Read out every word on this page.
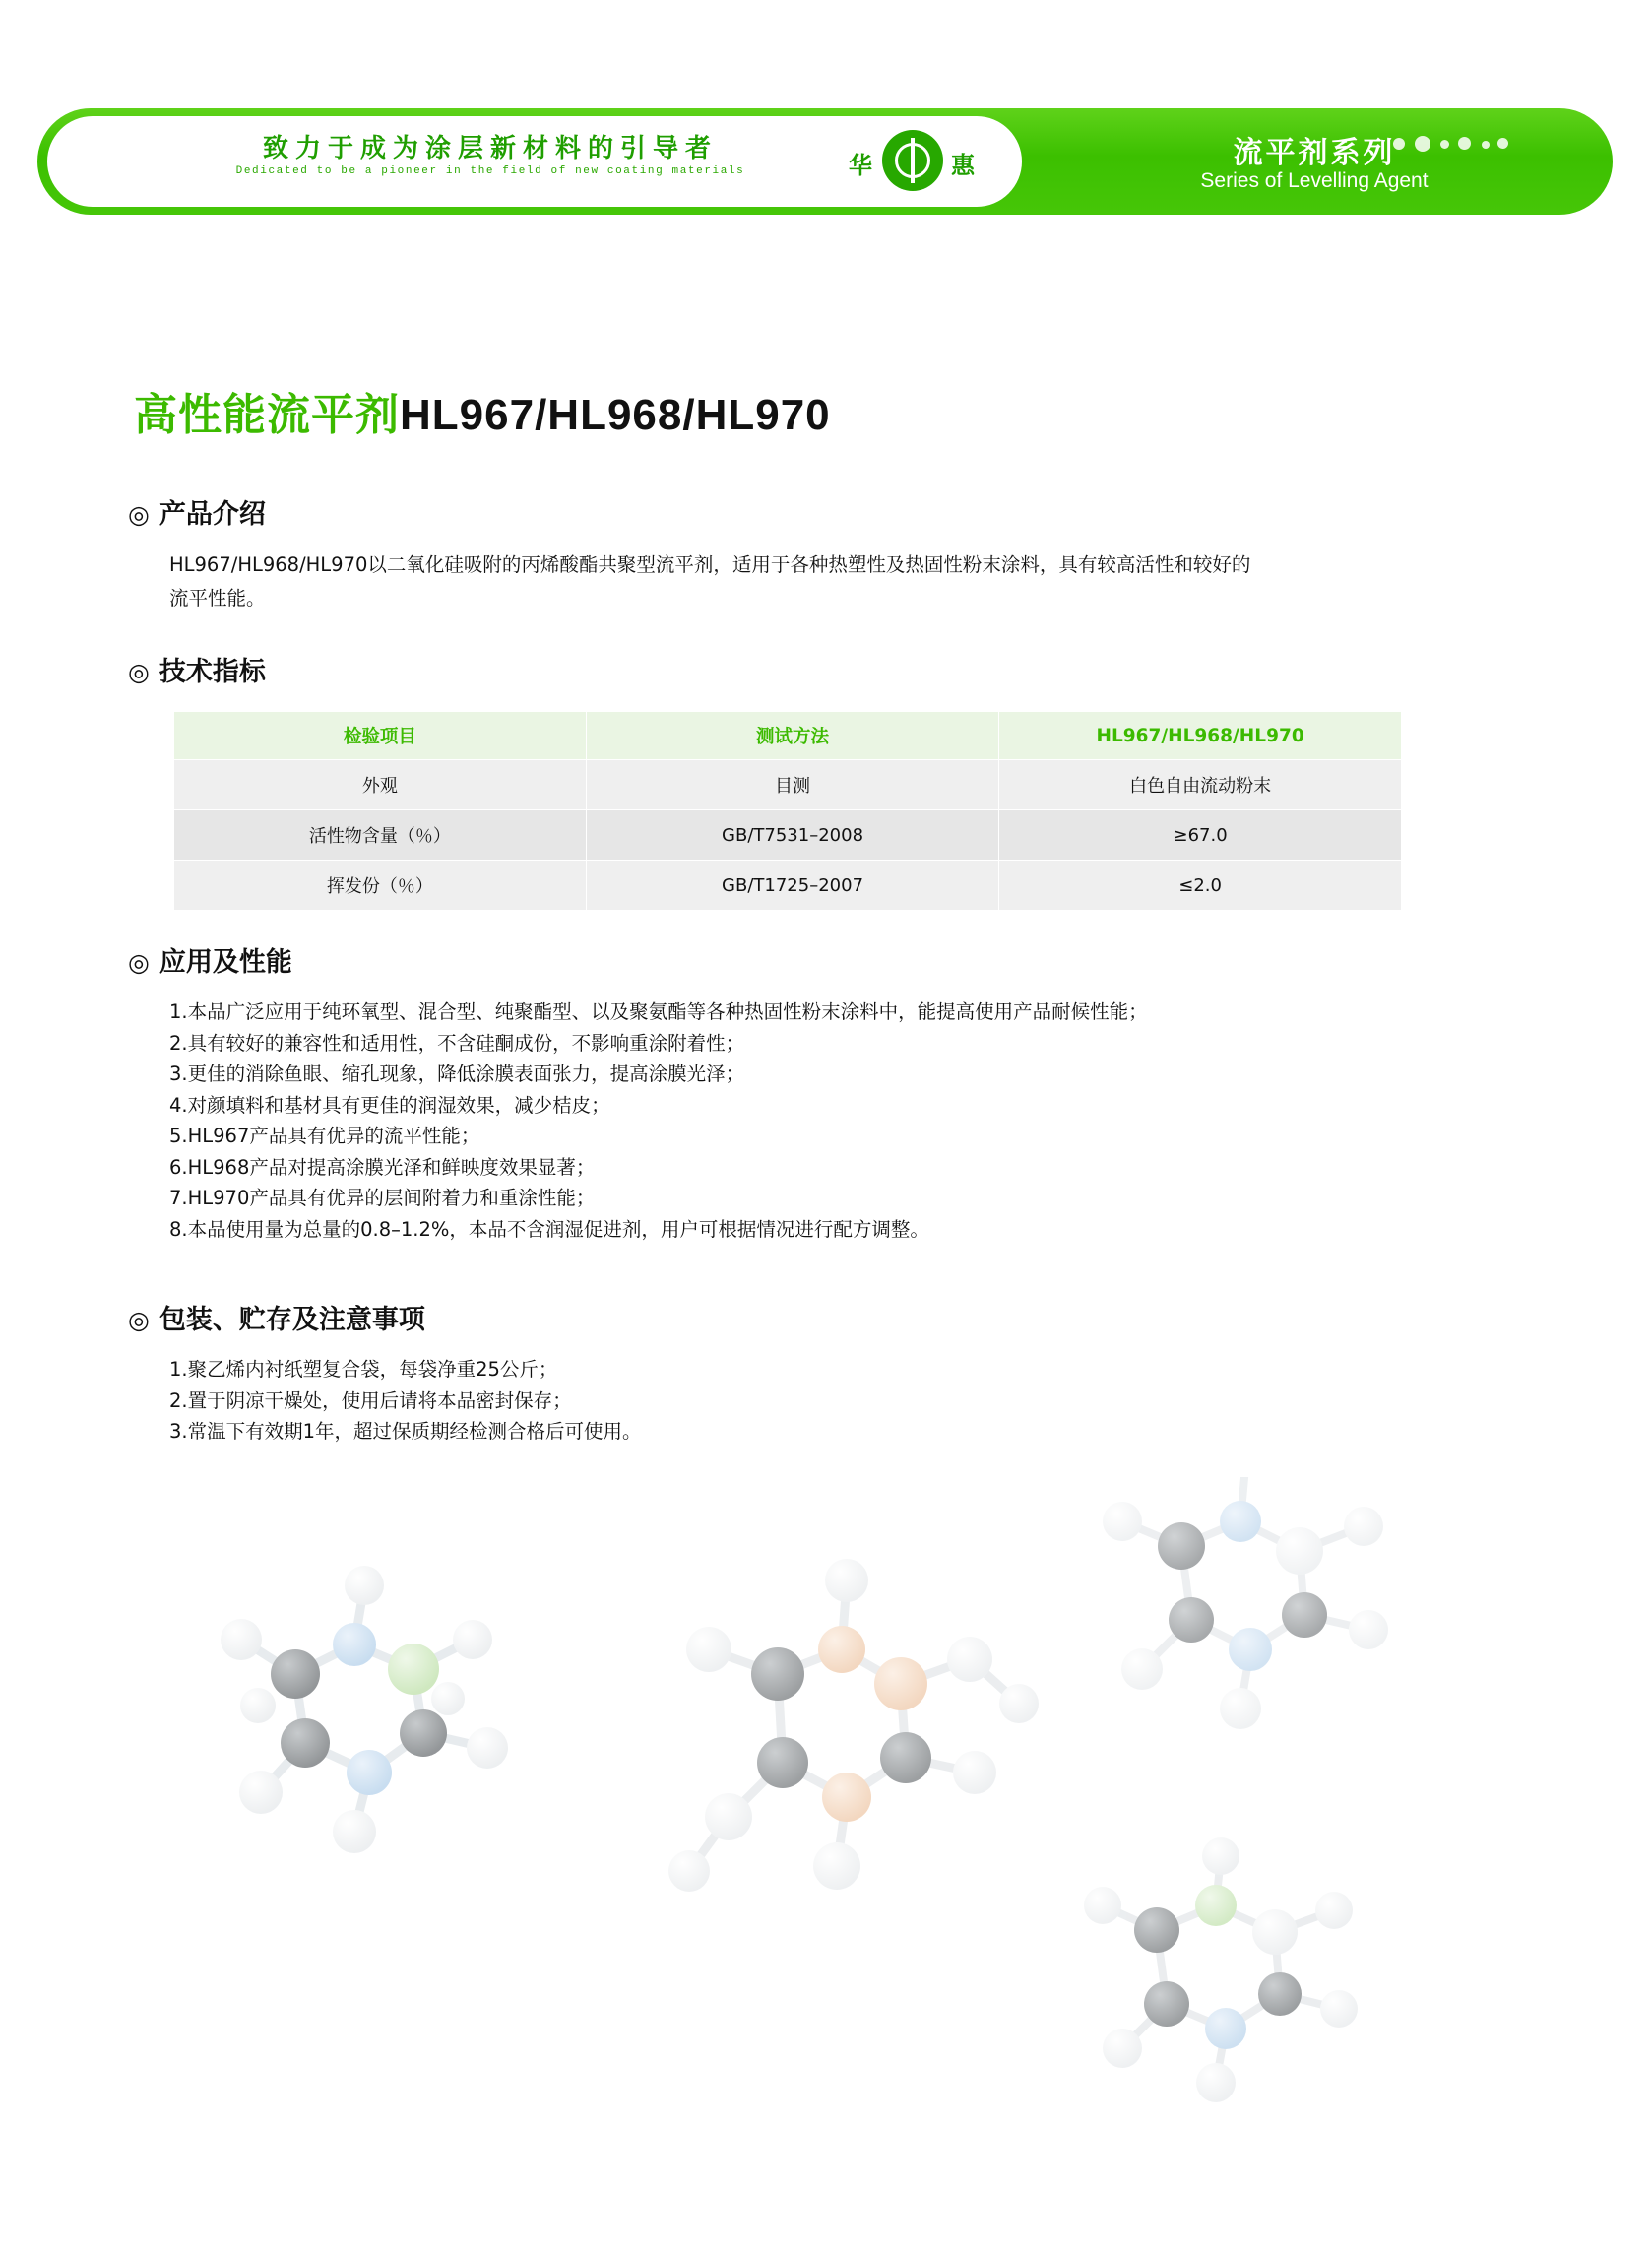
致力于成为涂层新材料的引导者
Dedicated to be a pioneer in the field of new coating materials	华	惠	流平剂系列
Series of Levelling Agent
高性能流平剂HL967/HL968/HL970
◎ 产品介绍
HL967/HL968/HL970以二氧化硅吸附的丙烯酸酯共聚型流平剂，适用于各种热塑性及热固性粉末涂料，具有较高活性和较好的
流平性能。
◎ 技术指标
检验项目	测试方法	HL967/HL968/HL970
外观	目测	白色自由流动粉末
活性物含量（％）	GB/T7531–2008	≥67.0
挥发份（％）	GB/T1725–2007	≤2.0
◎ 应用及性能
1.本品广泛应用于纯环氧型、混合型、纯聚酯型、以及聚氨酯等各种热固性粉末涂料中，能提高使用产品耐候性能；
2.具有较好的兼容性和适用性，不含硅酮成份，不影响重涂附着性；
3.更佳的消除鱼眼、缩孔现象，降低涂膜表面张力，提高涂膜光泽；
4.对颜填料和基材具有更佳的润湿效果，减少桔皮；
5.HL967产品具有优异的流平性能；
6.HL968产品对提高涂膜光泽和鲜映度效果显著；
7.HL970产品具有优异的层间附着力和重涂性能；
8.本品使用量为总量的0.8–1.2%，本品不含润湿促进剂，用户可根据情况进行配方调整。
◎ 包装、贮存及注意事项
1.聚乙烯内衬纸塑复合袋，每袋净重25公斤；
2.置于阴凉干燥处，使用后请将本品密封保存；
3.常温下有效期1年，超过保质期经检测合格后可使用。
